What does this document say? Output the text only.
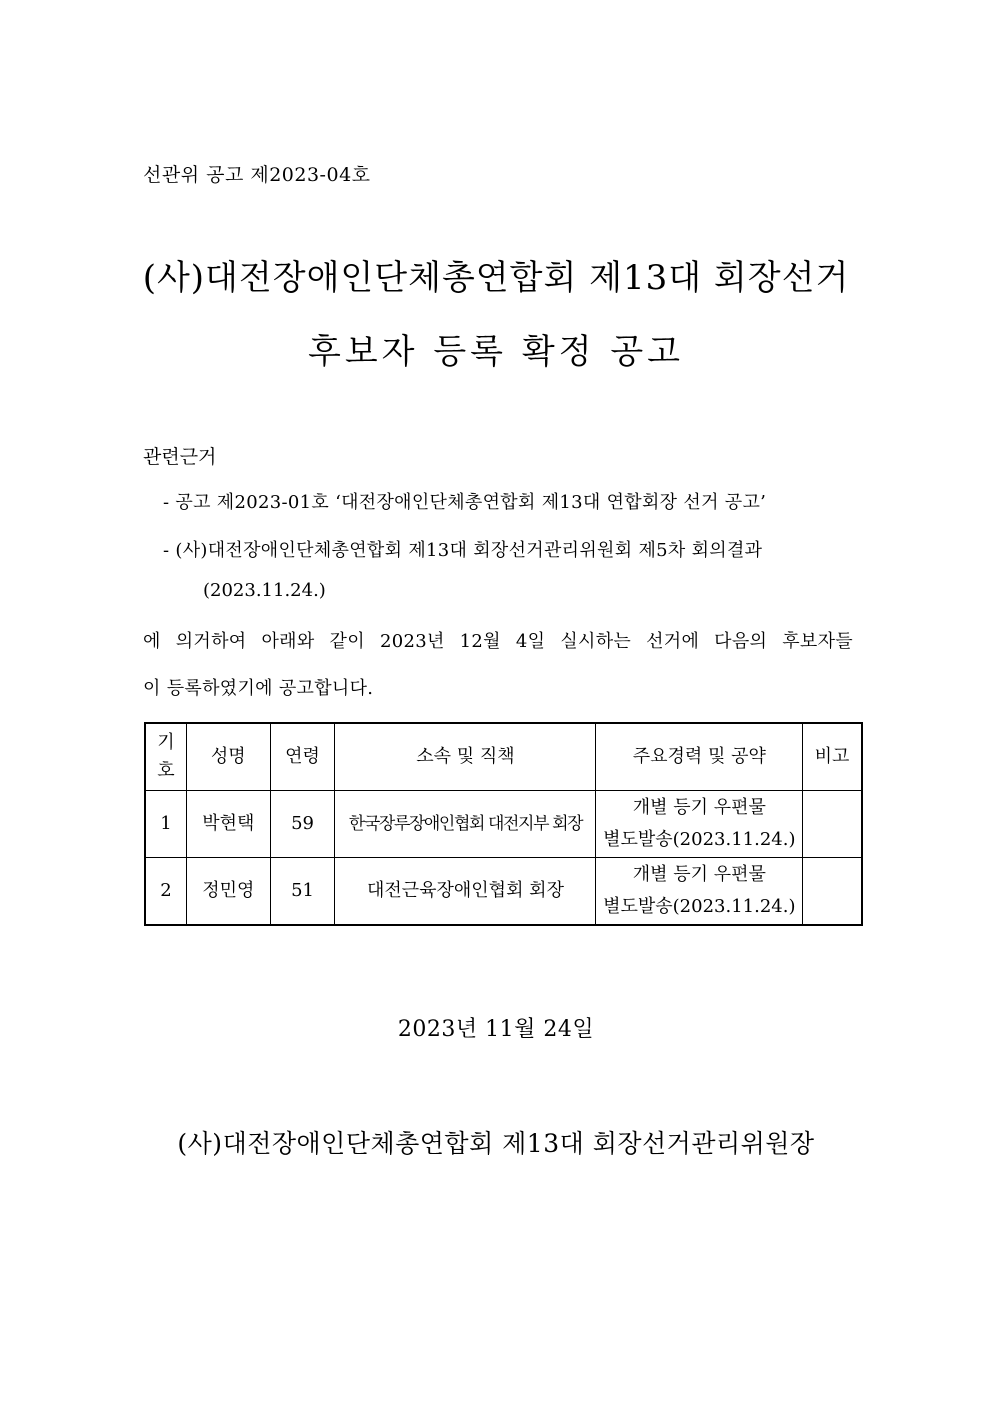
선관위 공고 제2023-04호
(사)대전장애인단체총연합회 제13대 회장선거
후보자 등록 확정 공고
관련근거
- 공고 제2023-01호 ‘대전장애인단체총연합회 제13대 연합회장 선거 공고’
- (사)대전장애인단체총연합회 제13대 회장선거관리위원회 제5차 회의결과
(2023.11.24.)
에 의거하여 아래와 같이 2023년 12월 4일 실시하는 선거에 다음의 후보자들
이 등록하였기에 공고합니다.
기
호	성명	연령	소속 및 직책	주요경력 및 공약	비고
1	박현택	59	한국장루장애인협회 대전지부 회장	개별 등기 우편물
별도발송(2023.11.24.)	
2	정민영	51	대전근육장애인협회 회장	개별 등기 우편물
별도발송(2023.11.24.)	
2023년 11월 24일
(사)대전장애인단체총연합회 제13대 회장선거관리위원장
